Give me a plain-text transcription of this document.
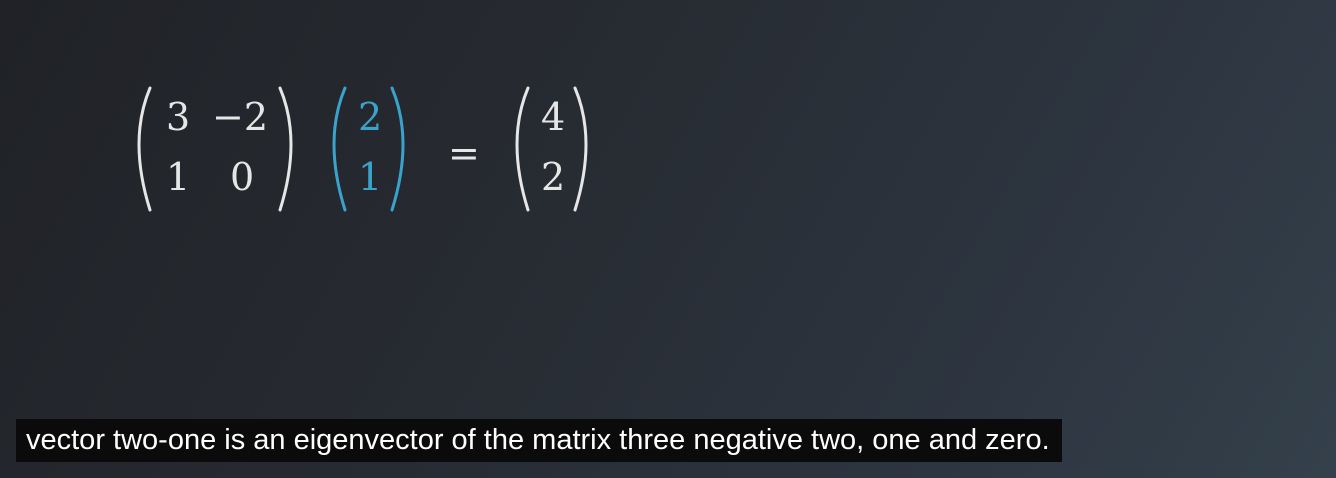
3 −2
1 0
2
1
=
4
2
vector two-one is an eigenvector of the matrix three negative two, one and zero.
